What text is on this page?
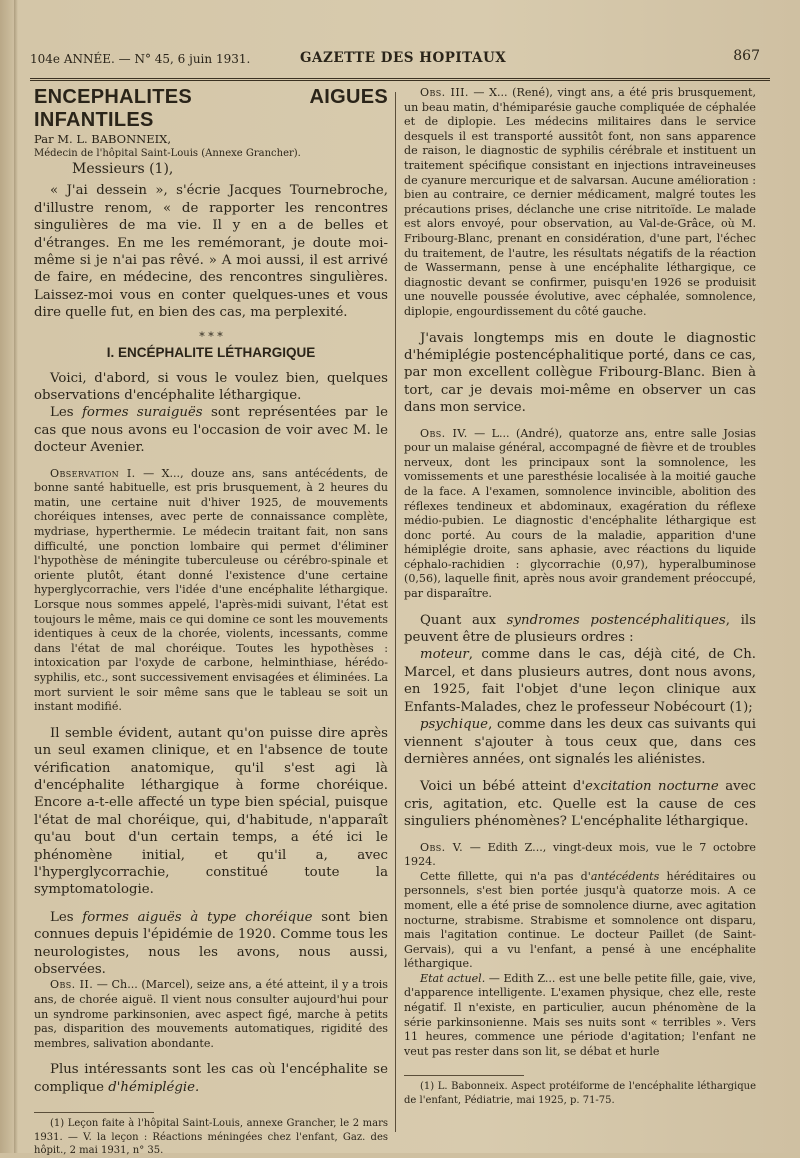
104e ANNÉE. — N° 45, 6 juin 1931.	GAZETTE DES HOPITAUX	867

ENCEPHALITES AIGUES INFANTILES

Par M. L. BABONNEIX,

Médecin de l'hôpital Saint-Louis (Annexe Grancher).

Messieurs (1),

« J'ai dessein », s'écrie Jacques Tournebroche, d'illustre renom, « de rapporter les rencontres singulières de ma vie. Il y en a de belles et d'étranges. En me les remémorant, je doute moi-même si je n'ai pas rêvé. » A moi aussi, il est arrivé de faire, en médecine, des rencontres singulières. Laissez-moi vous en conter quelques-unes et vous dire quelle fut, en bien des cas, ma perplexité.

* * *

I. ENCÉPHALITE LÉTHARGIQUE

Voici, d'abord, si vous le voulez bien, quelques observations d'encéphalite léthargique.

Les formes suraiguës sont représentées par le cas que nous avons eu l'occasion de voir avec M. le docteur Avenier.

Observation I. — X..., douze ans, sans antécédents, de bonne santé habituelle, est pris brusquement, à 2 heures du matin, une certaine nuit d'hiver 1925, de mouvements choréiques intenses, avec perte de connaissance complète, mydriase, hyperthermie. Le médecin traitant fait, non sans difficulté, une ponction lombaire qui permet d'éliminer l'hypothèse de méningite tuberculeuse ou cérébro-spinale et oriente plutôt, étant donné l'existence d'une certaine hyperglycorrachie, vers l'idée d'une encéphalite léthargique. Lorsque nous sommes appelé, l'après-midi suivant, l'état est toujours le même, mais ce qui domine ce sont les mouvements identiques à ceux de la chorée, violents, incessants, comme dans l'état de mal choréique. Toutes les hypothèses : intoxication par l'oxyde de carbone, helminthiase, hérédo-syphilis, etc., sont successivement envisagées et éliminées. La mort survient le soir même sans que le tableau se soit un instant modifié.

Il semble évident, autant qu'on puisse dire après un seul examen clinique, et en l'absence de toute vérification anatomique, qu'il s'est agi là d'encéphalite léthargique à forme choréique. Encore a-t-elle affecté un type bien spécial, puisque l'état de mal choréique, qui, d'habitude, n'apparaît qu'au bout d'un certain temps, a été ici le phénomène initial, et qu'il a, avec l'hyperglycorrachie, constitué toute la symptomatologie.

Les formes aiguës à type choréique sont bien connues depuis l'épidémie de 1920. Comme tous les neurologistes, nous les avons, nous aussi, observées.

Obs. II. — Ch... (Marcel), seize ans, a été atteint, il y a trois ans, de chorée aiguë. Il vient nous consulter aujourd'hui pour un syndrome parkinsonien, avec aspect figé, marche à petits pas, disparition des mouvements automatiques, rigidité des membres, salivation abondante.

Plus intéressants sont les cas où l'encéphalite se complique d'hémiplégie.

(1) Leçon faite à l'hôpital Saint-Louis, annexe Grancher, le 2 mars 1931. — V. la leçon : Réactions méningées chez l'enfant, Gaz. des hôpit., 2 mai 1931, n° 35.

Obs. III. — X... (René), vingt ans, a été pris brusquement, un beau matin, d'hémiparésie gauche compliquée de céphalée et de diplopie. Les médecins militaires dans le service desquels il est transporté aussitôt font, non sans apparence de raison, le diagnostic de syphilis cérébrale et instituent un traitement spécifique consistant en injections intraveineuses de cyanure mercurique et de salvarsan. Aucune amélioration : bien au contraire, ce dernier médicament, malgré toutes les précautions prises, déclanche une crise nitritoïde. Le malade est alors envoyé, pour observation, au Val-de-Grâce, où M. Fribourg-Blanc, prenant en considération, d'une part, l'échec du traitement, de l'autre, les résultats négatifs de la réaction de Wassermann, pense à une encéphalite léthargique, ce diagnostic devant se confirmer, puisqu'en 1926 se produisit une nouvelle poussée évolutive, avec céphalée, somnolence, diplopie, engourdissement du côté gauche.

J'avais longtemps mis en doute le diagnostic d'hémiplégie postencéphalitique porté, dans ce cas, par mon excellent collègue Fribourg-Blanc. Bien à tort, car je devais moi-même en observer un cas dans mon service.

Obs. IV. — L... (André), quatorze ans, entre salle Josias pour un malaise général, accompagné de fièvre et de troubles nerveux, dont les principaux sont la somnolence, les vomissements et une paresthésie localisée à la moitié gauche de la face. A l'examen, somnolence invincible, abolition des réflexes tendineux et abdominaux, exagération du réflexe médio-pubien. Le diagnostic d'encéphalite léthargique est donc porté. Au cours de la maladie, apparition d'une hémiplégie droite, sans aphasie, avec réactions du liquide céphalo-rachidien : glycorrachie (0,97), hyperalbuminose (0,56), laquelle finit, après nous avoir grandement préoccupé, par disparaître.

Quant aux syndromes postencéphalitiques, ils peuvent être de plusieurs ordres :

moteur, comme dans le cas, déjà cité, de Ch. Marcel, et dans plusieurs autres, dont nous avons, en 1925, fait l'objet d'une leçon clinique aux Enfants-Malades, chez le professeur Nobécourt (1);

psychique, comme dans les deux cas suivants qui viennent s'ajouter à tous ceux que, dans ces dernières années, ont signalés les aliénistes.

Voici un bébé atteint d'excitation nocturne avec cris, agitation, etc. Quelle est la cause de ces singuliers phénomènes? L'encéphalite léthargique.

Obs. V. — Edith Z..., vingt-deux mois, vue le 7 octobre 1924.

Cette fillette, qui n'a pas d'antécédents héréditaires ou personnels, s'est bien portée jusqu'à quatorze mois. A ce moment, elle a été prise de somnolence diurne, avec agitation nocturne, strabisme. Strabisme et somnolence ont disparu, mais l'agitation continue. Le docteur Paillet (de Saint-Gervais), qui a vu l'enfant, a pensé à une encéphalite léthargique.

Etat actuel. — Edith Z... est une belle petite fille, gaie, vive, d'apparence intelligente. L'examen physique, chez elle, reste négatif. Il n'existe, en particulier, aucun phénomène de la série parkinsonienne. Mais ses nuits sont « terribles ». Vers 11 heures, commence une période d'agitation; l'enfant ne veut pas rester dans son lit, se débat et hurle

(1) L. Babonneix. Aspect protéiforme de l'encéphalite léthargique de l'enfant, Pédiatrie, mai 1925, p. 71-75.
